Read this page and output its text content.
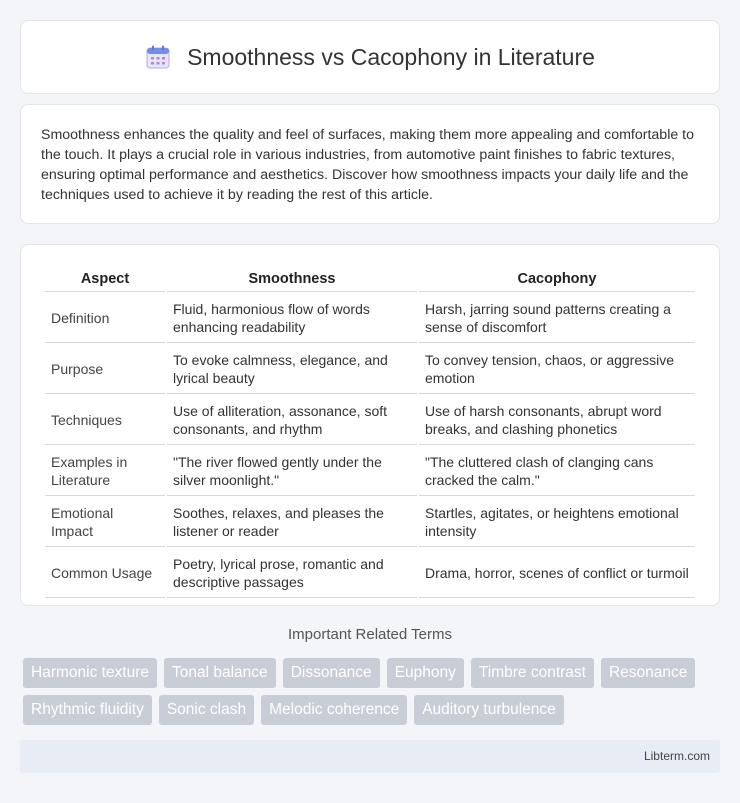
Smoothness vs Cacophony in Literature

Smoothness enhances the quality and feel of surfaces, making them more appealing and comfortable to the touch. It plays a crucial role in various industries, from automotive paint finishes to fabric textures, ensuring optimal performance and aesthetics. Discover how smoothness impacts your daily life and the techniques used to achieve it by reading the rest of this article.

Aspect	Smoothness	Cacophony
Definition	Fluid, harmonious flow of words enhancing readability	Harsh, jarring sound patterns creating a sense of discomfort
Purpose	To evoke calmness, elegance, and lyrical beauty	To convey tension, chaos, or aggressive emotion
Techniques	Use of alliteration, assonance, soft consonants, and rhythm	Use of harsh consonants, abrupt word breaks, and clashing phonetics
Examples in Literature	"The river flowed gently under the silver moonlight."	"The cluttered clash of clanging cans cracked the calm."
Emotional Impact	Soothes, relaxes, and pleases the listener or reader	Startles, agitates, or heightens emotional intensity
Common Usage	Poetry, lyrical prose, romantic and descriptive passages	Drama, horror, scenes of conflict or turmoil
Important Related Terms
Harmonic texture	Tonal balance	Dissonance	Euphony	Timbre contrast	Resonance
Rhythmic fluidity	Sonic clash	Melodic coherence	Auditory turbulence
Libterm.com
